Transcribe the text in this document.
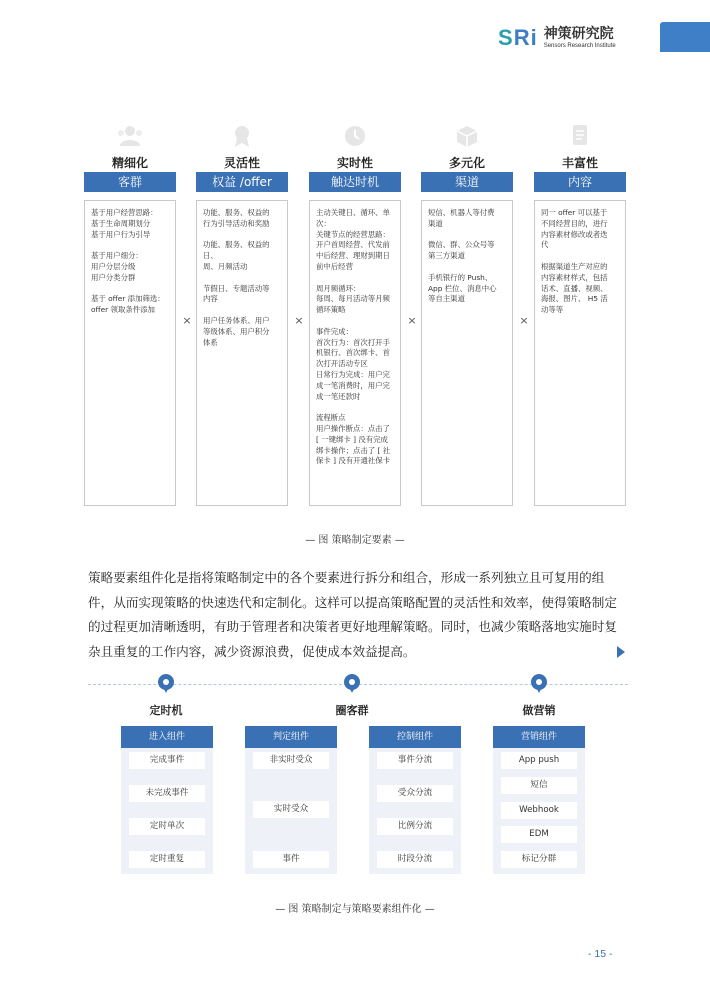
SRi 神策研究院
Sensors Research Institute
精细化
客群
基于用户经营思路：
基于生命周期划分
基于用户行为引导

基于用户细分：
用户分层分级
用户分类分群

基于 offer 添加筛选：
offer 领取条件添加
×
灵活性
权益 /offer
功能、服务、权益的
行为引导活动和奖励

功能、服务、权益的日、
周、月频活动

节假日、专题活动等
内容

用户任务体系、用户
等级体系、用户积分
体系
×
实时性
触达时机
主动关键日、循环、单
次：
关键节点的经营思路：
开户首周经营、代发前
中后经营、理财到期日
前中后经营

周月频循环：
每周、每月活动等月频
循环策略

事件完成：
首次行为：首次打开手
机银行、首次绑卡、首
次打开活动专区
日常行为完成：用户完
成一笔消费时，用户完
成一笔还款时

流程断点
用户操作断点：点击了
[ 一键绑卡 ] 没有完成
绑卡操作；点击了 [ 社
保卡 ] 没有开通社保卡
×
多元化
渠道
短信、机器人等付费
渠道

微信、群、公众号等
第三方渠道

手机银行的 Push、
App 栏位、消息中心
等自主渠道
×
丰富性
内容
同一 offer 可以基于
不同经营目的，进行
内容素材修改或者迭
代

根据渠道生产对应的
内容素材样式，包括
话术、直播、视频、
海报、图片、 H5 活
动等等
— 图 策略制定要素 —
策略要素组件化是指将策略制定中的各个要素进行拆分和组合，形成一系列独立且可复用的组件，从而实现策略的快速迭代和定制化。这样可以提高策略配置的灵活性和效率，使得策略制定的过程更加清晰透明，有助于管理者和决策者更好地理解策略。同时，也减少策略落地实施时复杂且重复的工作内容，减少资源浪费，促使成本效益提高。
定时机	圈客群	做营销
进入组件
完成事件
未完成事件
定时单次
定时重复
判定组件
非实时受众
实时受众
事件
控制组件
事件分流
受众分流
比例分流
时段分流
营销组件
App push
短信
Webhook
EDM
标记分群
— 图 策略制定与策略要素组件化 —
- 15 -
